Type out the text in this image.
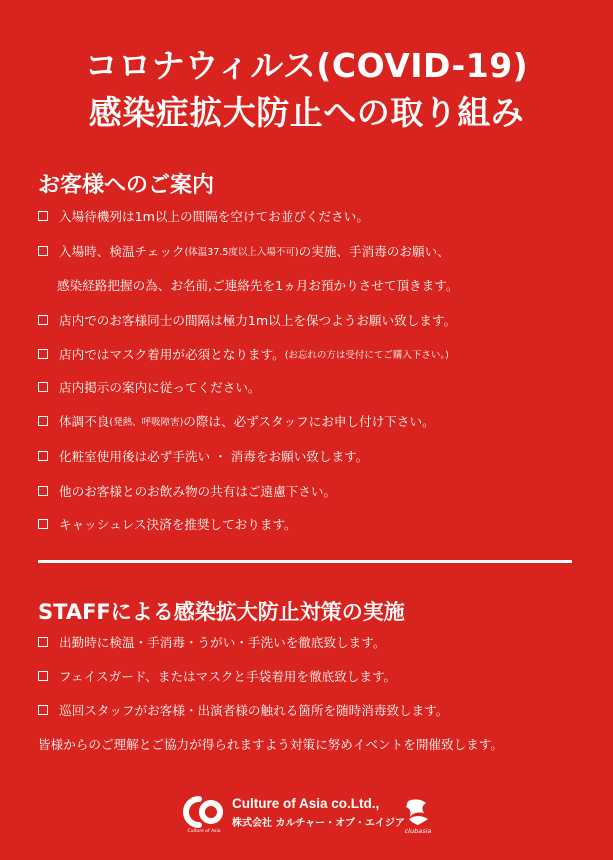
コロナウィルス(COVID-19)
感染症拡大防止への取り組み
お客様へのご案内
入場待機列は1m以上の間隔を空けてお並びください。
入場時、検温チェック (体温37.5度以上入場不可) の実施、手消毒のお願い、
感染経路把握の為、お名前,ご連絡先を1ヵ月お預かりさせて頂きます。
店内でのお客様同士の間隔は極力1m以上を保つようお願い致します。
店内ではマスク着用が必須となります。 (お忘れの方は受付にてご購入下さい。)
店内掲示の案内に従ってください。
体調不良 (発熱、呼吸障害) の際は、必ずスタッフにお申し付け下さい。
化粧室使用後は必ず手洗い ・ 消毒をお願い致します。
他のお客様とのお飲み物の共有はご遠慮下さい。
キャッシュレス決済を推奨しております。
STAFFによる感染拡大防止対策の実施
出勤時に検温・手消毒・うがい・手洗いを徹底致します。
フェイスガード、またはマスクと手袋着用を徹底致します。
巡回スタッフがお客様・出演者様の触れる箇所を随時消毒致します。
皆様からのご理解とご協力が得られますよう対策に努めイベントを開催致します。
Culture of Asia
Culture of Asia co.Ltd.,
株式会社 カルチャー・オブ・エイジア
clubasia
